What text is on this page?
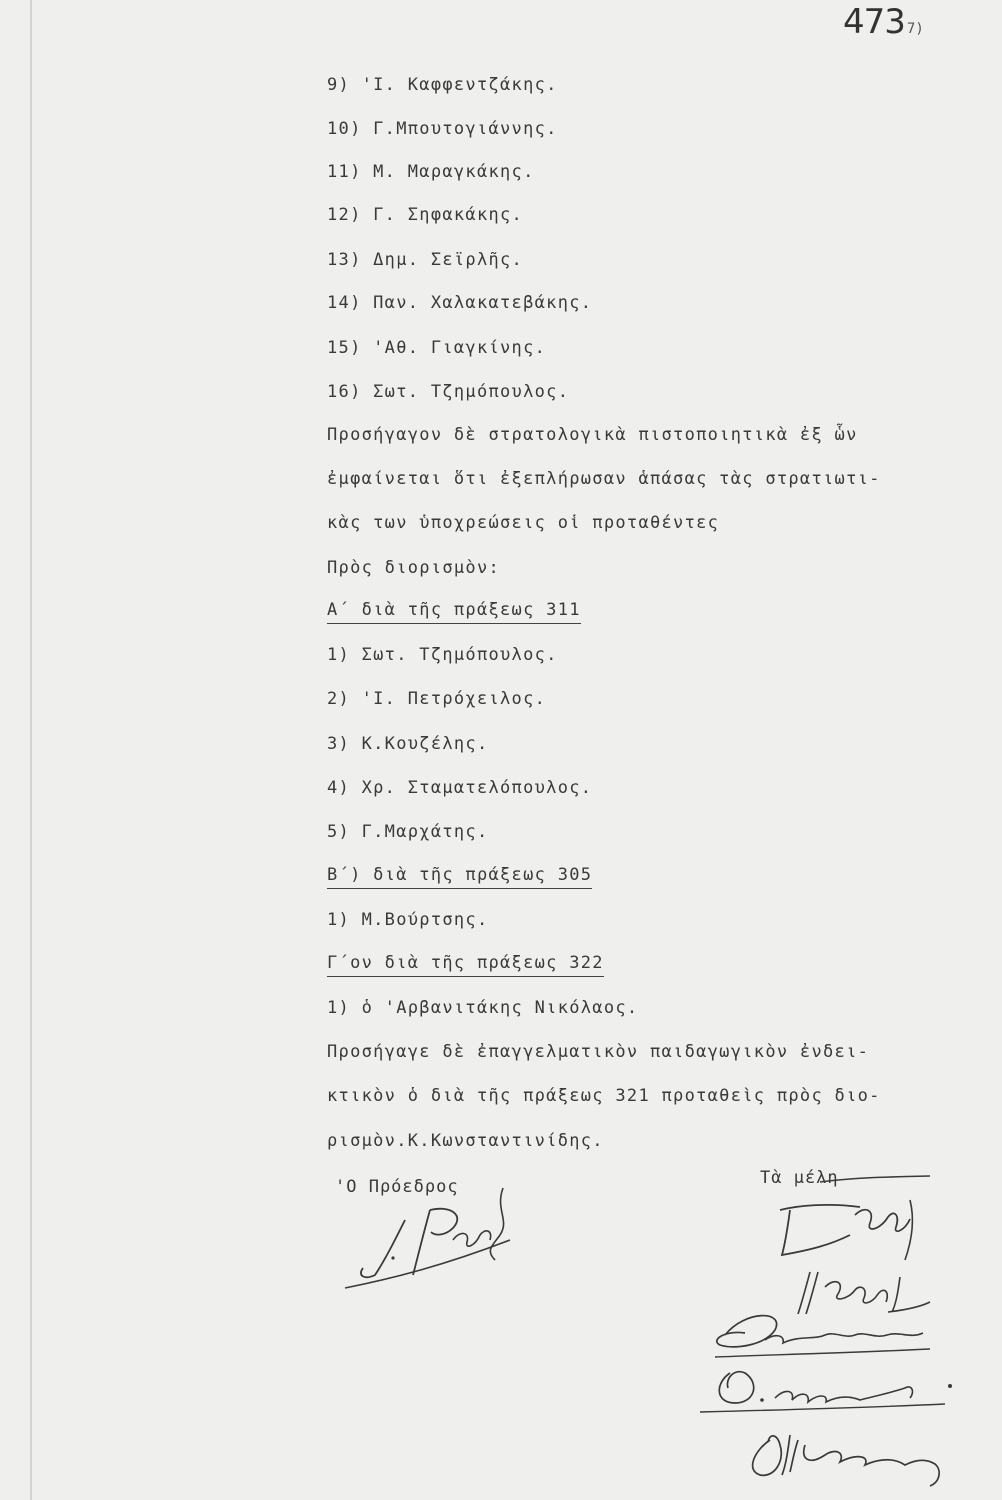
473 7)
9) 'Ι. Καφφεντζάκης.
10) Γ.Μπουτογιάννης.
11) Μ. Μαραγκάκης.
12) Γ. Σηφακάκης.
13) Δημ. Σεϊρλῆς.
14) Παν. Χαλακατεβάκης.
15) 'Αθ. Γιαγκίνης.
16) Σωτ. Τζημόπουλος.
Προσήγαγον δὲ στρατολογικὰ πιστοποιητικὰ ἐξ ὧν
ἐμφαίνεται ὅτι ἐξεπλήρωσαν ἁπάσας τὰς στρατιωτι-
κὰς των ὑποχρεώσεις οἱ προταθέντες
Πρὸς διορισμὸν:
Α΄ διὰ τῆς πράξεως 311
1) Σωτ. Τζημόπουλος.
2) 'Ι. Πετρόχειλος.
3) Κ.Κουζέλης.
4) Χρ. Σταματελόπουλος.
5) Γ.Μαρχάτης.
Β΄) διὰ τῆς πράξεως 305
1) Μ.Βούρτσης.
Γ΄ον διὰ τῆς πράξεως 322
1) ὁ 'Αρβανιτάκης Νικόλαος.
Προσήγαγε δὲ ἐπαγγελματικὸν παιδαγωγικὸν ἐνδει-
κτικὸν ὁ διὰ τῆς πράξεως 321 προταθεὶς πρὸς διο-
ρισμὸν.Κ.Κωνσταντινίδης.
'Ο Πρόεδρος	Τὰ μέλη
